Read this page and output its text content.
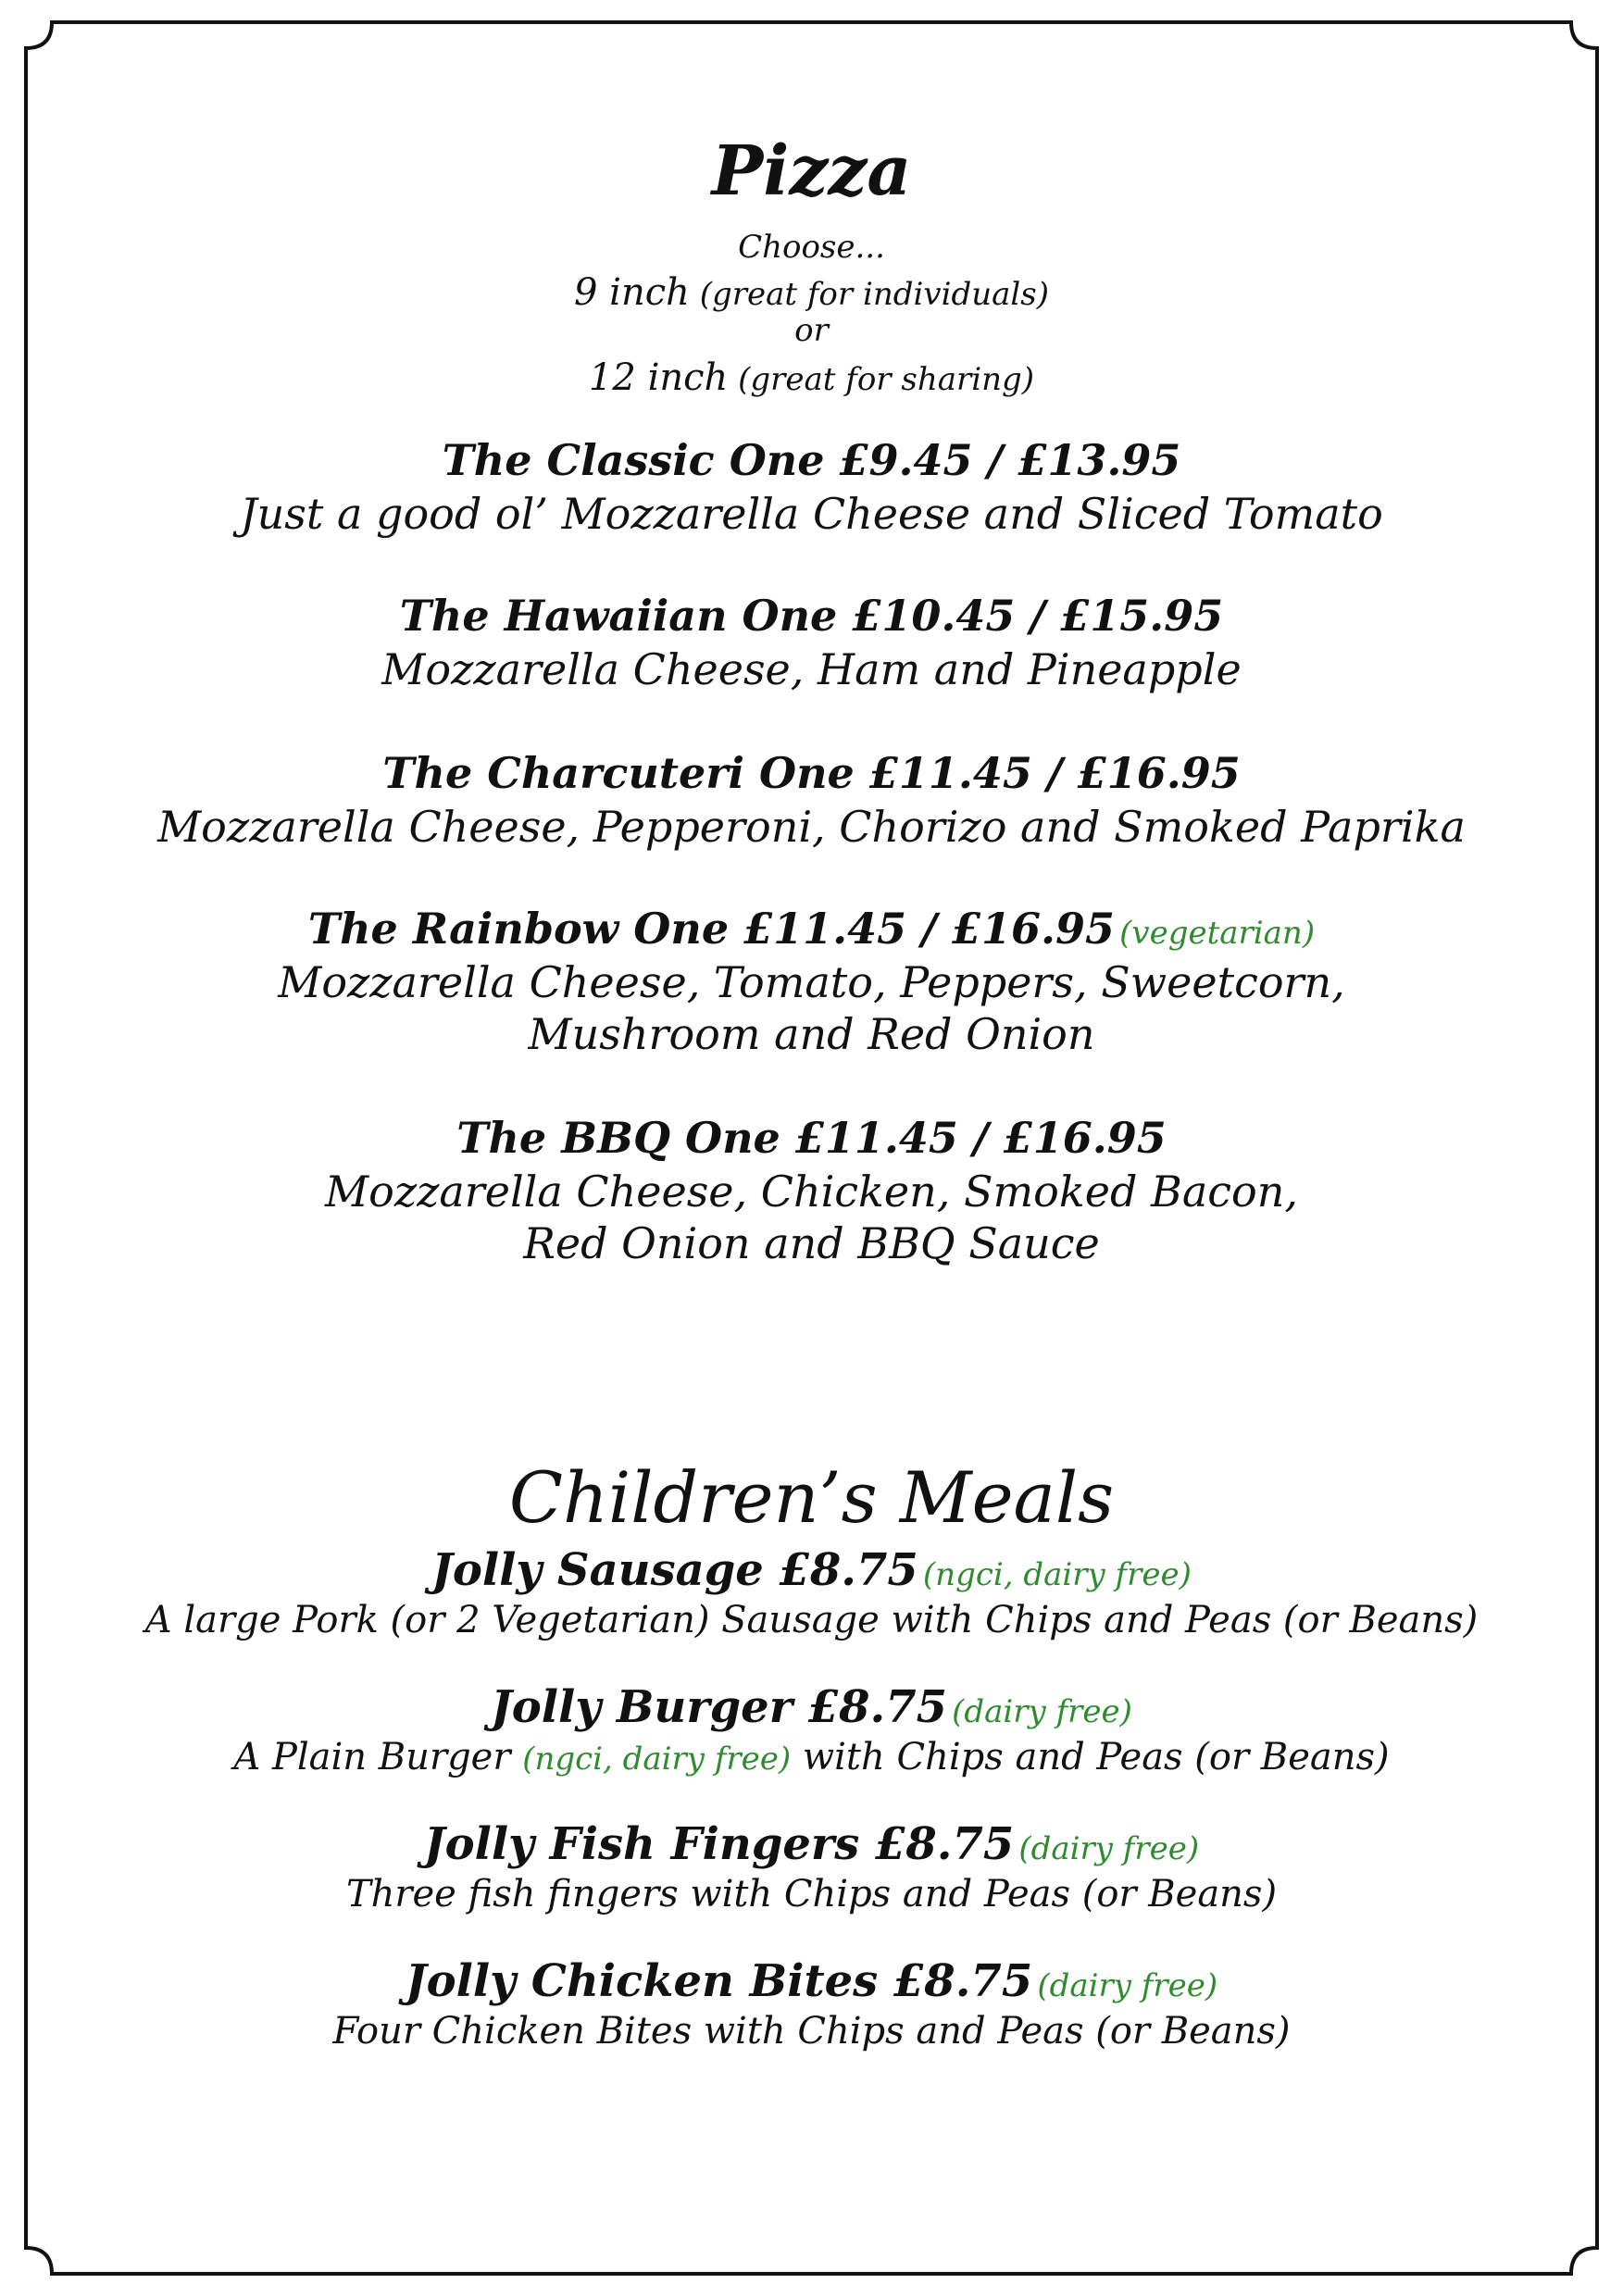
Pizza
Choose...
9 inch (great for individuals)
or
12 inch (great for sharing)
The Classic One £9.45 / £13.95
Just a good ol’ Mozzarella Cheese and Sliced Tomato
The Hawaiian One £10.45 / £15.95
Mozzarella Cheese, Ham and Pineapple
The Charcuteri One £11.45 / £16.95
Mozzarella Cheese, Pepperoni, Chorizo and Smoked Paprika
The Rainbow One £11.45 / £16.95 (vegetarian)
Mozzarella Cheese, Tomato, Peppers, Sweetcorn,
Mushroom and Red Onion
The BBQ One £11.45 / £16.95
Mozzarella Cheese, Chicken, Smoked Bacon,
Red Onion and BBQ Sauce
Children’s Meals
Jolly Sausage £8.75 (ngci, dairy free)
A large Pork (or 2 Vegetarian) Sausage with Chips and Peas (or Beans)
Jolly Burger £8.75 (dairy free)
A Plain Burger (ngci, dairy free) with Chips and Peas (or Beans)
Jolly Fish Fingers £8.75 (dairy free)
Three fish fingers with Chips and Peas (or Beans)
Jolly Chicken Bites £8.75 (dairy free)
Four Chicken Bites with Chips and Peas (or Beans)
